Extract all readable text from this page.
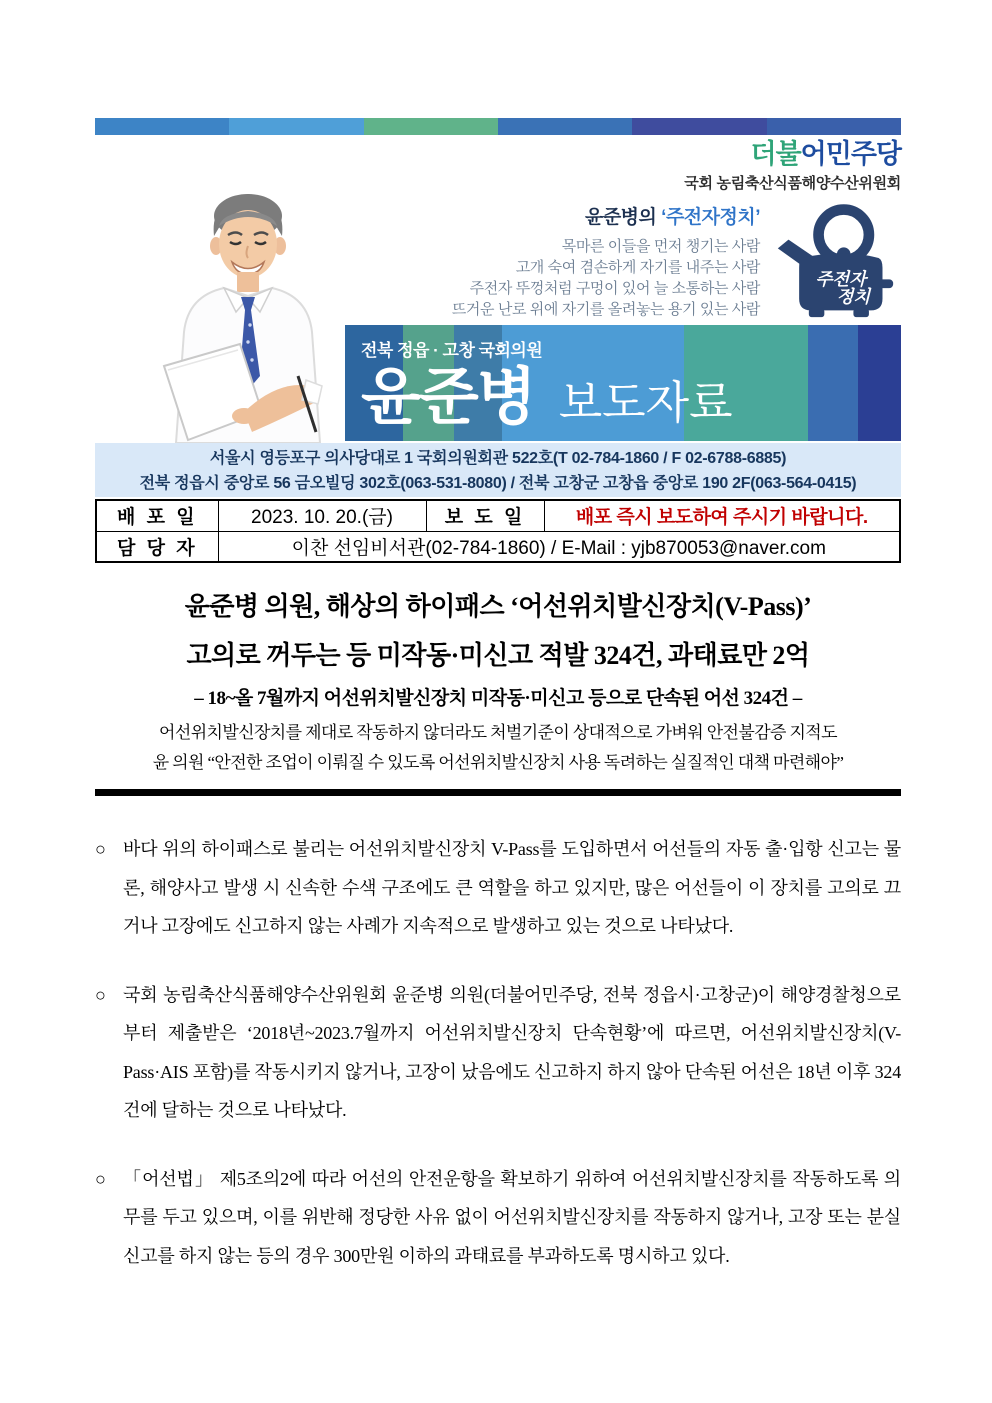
더불어민주당
국회 농림축산식품해양수산위원회
전북 정읍 · 고창 국회의원
윤준병 보도자료
윤준병의 ‘주전자정치’
목마른 이들을 먼저 챙기는 사람
고개 숙여 겸손하게 자기를 내주는 사람
주전자 뚜껑처럼 구멍이 있어 늘 소통하는 사람
뜨거운 난로 위에 자기를 올려놓는 용기 있는 사람
주전자
정치
서울시 영등포구 의사당대로 1 국회의원회관 522호(T 02-784-1860 / F 02-6788-6885)
전북 정읍시 중앙로 56 금오빌딩 302호(063-531-8080) / 전북 고창군 고창읍 중앙로 190 2F(063-564-0415)
배 포 일	2023. 10. 20.(금)	보 도 일	배포 즉시 보도하여 주시기 바랍니다.
담 당 자	이찬 선임비서관(02-784-1860) / E-Mail : yjb870053@naver.com		
윤준병 의원, 해상의 하이패스 ‘어선위치발신장치(V-Pass)’
고의로 꺼두는 등 미작동·미신고 적발 324건, 과태료만 2억
– 18~올 7월까지 어선위치발신장치 미작동·미신고 등으로 단속된 어선 324건 –
어선위치발신장치를 제대로 작동하지 않더라도 처벌기준이 상대적으로 가벼워 안전불감증 지적도
윤 의원 “안전한 조업이 이뤄질 수 있도록 어선위치발신장치 사용 독려하는 실질적인 대책 마련해야”

○ 바다 위의 하이패스로 불리는 어선위치발신장치 V-Pass를 도입하면서 어선들의 자동 출·입항 신고는 물론, 해양사고 발생 시 신속한 수색 구조에도 큰 역할을 하고 있지만, 많은 어선들이 이 장치를 고의로 끄거나 고장에도 신고하지 않는 사례가 지속적으로 발생하고 있는 것으로 나타났다.

○ 국회 농림축산식품해양수산위원회 윤준병 의원(더불어민주당, 전북 정읍시·고창군)이 해양경찰청으로부터 제출받은 ‘2018년~2023.7월까지 어선위치발신장치 단속현황’에 따르면, 어선위치발신장치(V-Pass·AIS 포함)를 작동시키지 않거나, 고장이 났음에도 신고하지 하지 않아 단속된 어선은 18년 이후 324건에 달하는 것으로 나타났다.

○ 「어선법」 제5조의2에 따라 어선의 안전운항을 확보하기 위하여 어선위치발신장치를 작동하도록 의무를 두고 있으며, 이를 위반해 정당한 사유 없이 어선위치발신장치를 작동하지 않거나, 고장 또는 분실 신고를 하지 않는 등의 경우 300만원 이하의 과태료를 부과하도록 명시하고 있다.
